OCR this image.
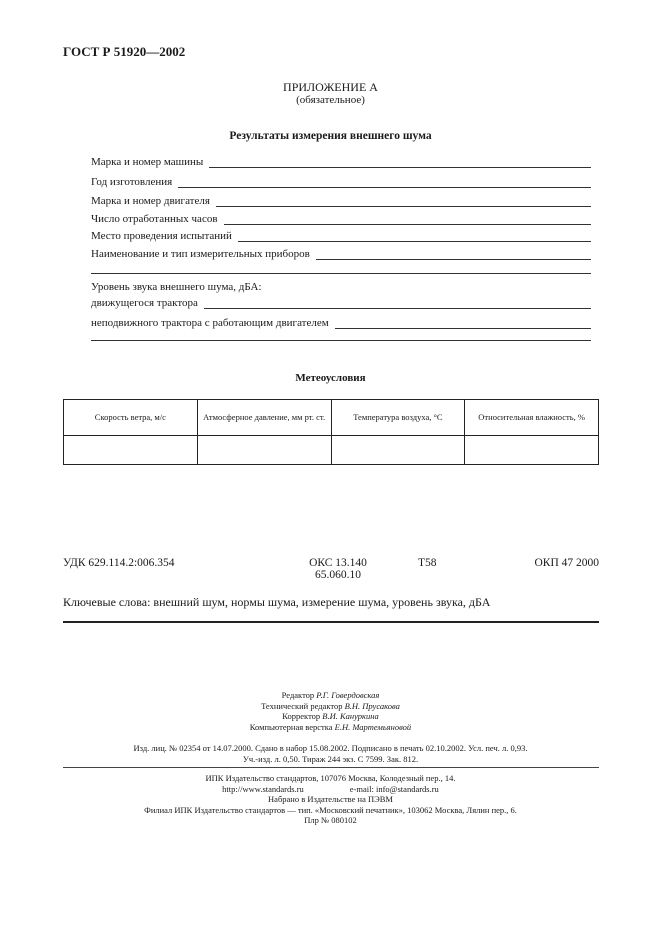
ГОСТ Р 51920—2002
ПРИЛОЖЕНИЕ А
(обязательное)
Результаты измерения внешнего шума
Марка и номер машины
Год изготовления
Марка и номер двигателя
Число отработанных часов
Место проведения испытаний
Наименование и тип измерительных приборов
Уровень звука внешнего шума, дБА:
движущегося трактора
неподвижного трактора с работающим двигателем
Метеоусловия
Скорость ветра, м/с	Атмосферное давление, мм рт. ст.	Температура воздуха, °С	Относительная влажность, %

УДК 629.114.2:006.354	ОКС 13.140
65.060.10
Т58	ОКП 47 2000
Ключевые слова: внешний шум, нормы шума, измерение шума, уровень звука, дБА
Редактор Р.Г. Говердовская
Технический редактор В.Н. Прусакова
Корректор В.И. Кануркина
Компьютерная верстка Е.Н. Мартемьяновой
Изд. лиц. № 02354 от 14.07.2000. Сдано в набор 15.08.2002. Подписано в печать 02.10.2002. Усл. печ. л. 0,93.
Уч.-изд. л. 0,50. Тираж 244 экз. С 7599. Зак. 812.
ИПК Издательство стандартов, 107076 Москва, Колодезный пер., 14.
http://www.standards.ru	e-mail: info@standards.ru
Набрано в Издательстве на ПЭВМ
Филиал ИПК Издательство стандартов — тип. «Московский печатник», 103062 Москва, Лялин пер., 6.
Плр № 080102
